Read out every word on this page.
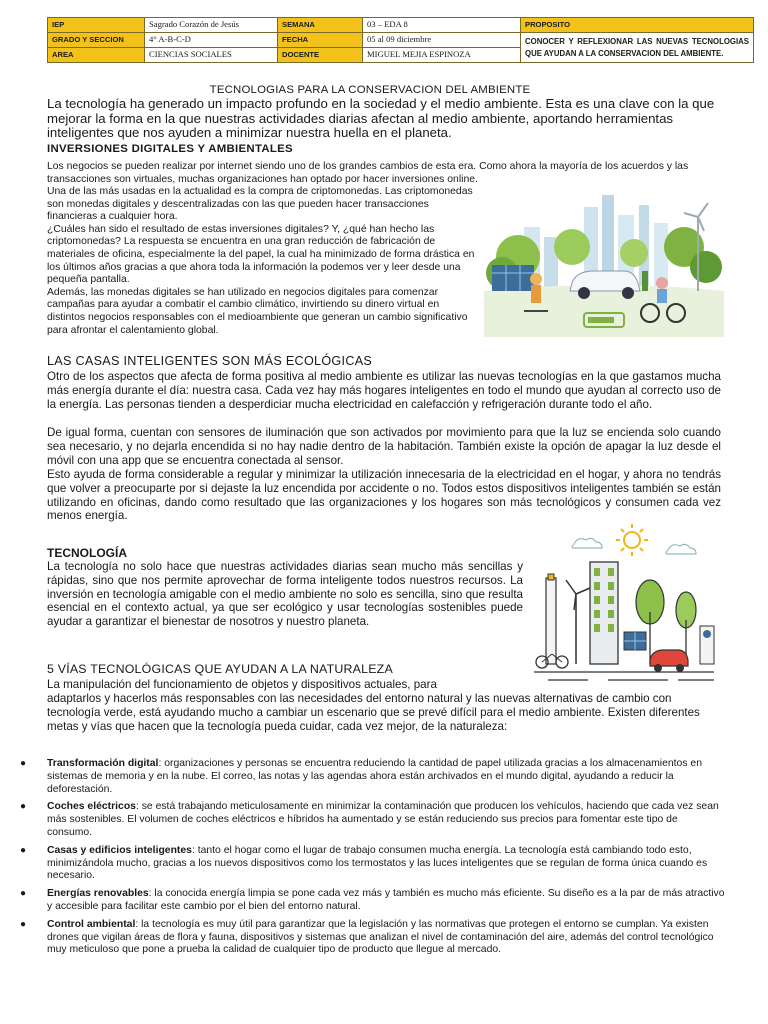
IEP	Sagrado Corazón de Jesús	SEMANA	03 – EDA 8	PROPOSITO
GRADO Y SECCION	4° A-B-C-D	FECHA	05 al 09 diciembre	CONOCER Y REFLEXIONAR LAS NUEVAS TECNOLOGIAS QUE AYUDAN A LA CONSERVACION DEL AMBIENTE.
AREA	CIENCIAS SOCIALES	DOCENTE	MIGUEL MEJIA ESPINOZA	

TECNOLOGIAS PARA LA CONSERVACION DEL AMBIENTE

La tecnología ha generado un impacto profundo en la sociedad y el medio ambiente. Esta es una clave con la que mejorar la forma en la que nuestras actividades diarias afectan al medio ambiente, aportando herramientas inteligentes que nos ayuden a minimizar nuestra huella en el planeta.

INVERSIONES DIGITALES Y AMBIENTALES

Los negocios se pueden realizar por internet siendo uno de los grandes cambios de esta era. Como ahora la mayoría de los acuerdos y las transacciones son virtuales, muchas organizaciones han optado por hacer inversiones online.

Una de las más usadas en la actualidad es la compra de criptomonedas. Las criptomonedas son monedas digitales y descentralizadas con las que pueden hacer transacciones financieras a cualquier hora.
¿Cuáles han sido el resultado de estas inversiones digitales? Y, ¿qué han hecho las criptomonedas? La respuesta se encuentra en una gran reducción de fabricación de materiales de oficina, especialmente la del papel, la cual ha minimizado de forma drástica en los últimos años gracias a que ahora toda la información la podemos ver y leer desde una pequeña pantalla.
Además, las monedas digitales se han utilizado en negocios digitales para comenzar campañas para ayudar a combatir el cambio climático, invirtiendo su dinero virtual en distintos negocios responsables con el medioambiente que generan un cambio significativo para afrontar el calentamiento global.

LAS CASAS INTELIGENTES SON MÁS ECOLÓGICAS

Otro de los aspectos que afecta de forma positiva al medio ambiente es utilizar las nuevas tecnologías en la que gastamos mucha más energía durante el día: nuestra casa. Cada vez hay más hogares inteligentes en todo el mundo que ayudan al correcto uso de la energía. Las personas tienden a desperdiciar mucha electricidad en calefacción y refrigeración durante todo el año.

De igual forma, cuentan con sensores de iluminación que son activados por movimiento para que la luz se encienda solo cuando sea necesario, y no dejarla encendida si no hay nadie dentro de la habitación. También existe la opción de apagar la luz desde el móvil con una app que se encuentra conectada al sensor.

Esto ayuda de forma considerable a regular y minimizar la utilización innecesaria de la electricidad en el hogar, y ahora no tendrás que volver a preocuparte por si dejaste la luz encendida por accidente o no. Todos estos dispositivos inteligentes también se están utilizando en oficinas, dando como resultado que las organizaciones y los hogares son más tecnológicos y consumen cada vez menos energía.

TECNOLOGÍA

La tecnología no solo hace que nuestras actividades diarias sean mucho más sencillas y rápidas, sino que nos permite aprovechar de forma inteligente todos nuestros recursos. La inversión en tecnología amigable con el medio ambiente no solo es sencilla, sino que resulta esencial en el contexto actual, ya que ser ecológico y usar tecnologías sostenibles puede ayudar a garantizar el bienestar de nosotros y nuestro planeta.

5 VÍAS TECNOLÓGICAS QUE AYUDAN A LA NATURALEZA

La manipulación del funcionamiento de objetos y dispositivos actuales, para

adaptarlos y hacerlos más responsables con las necesidades del entorno natural y las nuevas alternativas de cambio con tecnología verde, está ayudando mucho a cambiar un escenario que se prevé difícil para el medio ambiente. Existen diferentes metas y vías que hacen que la tecnología pueda cuidar, cada vez mejor, de la naturaleza:

● Transformación digital: organizaciones y personas se encuentra reduciendo la cantidad de papel utilizada gracias a los almacenamientos en sistemas de memoria y en la nube. El correo, las notas y las agendas ahora están archivados en el mundo digital, ayudando a reducir la deforestación.
● Coches eléctricos: se está trabajando meticulosamente en minimizar la contaminación que producen los vehículos, haciendo que cada vez sean más sostenibles. El volumen de coches eléctricos e híbridos ha aumentado y se están reduciendo sus precios para fomentar este tipo de consumo.
● Casas y edificios inteligentes: tanto el hogar como el lugar de trabajo consumen mucha energía. La tecnología está cambiando todo esto, minimizándola mucho, gracias a los nuevos dispositivos como los termostatos y las luces inteligentes que se regulan de forma única cuando es necesario.
● Energías renovables: la conocida energía limpia se pone cada vez más y también es mucho más eficiente. Su diseño es a la par de más atractivo y accesible para facilitar este cambio por el bien del entorno natural.
● Control ambiental: la tecnología es muy útil para garantizar que la legislación y las normativas que protegen el entorno se cumplan. Ya existen drones que vigilan áreas de flora y fauna, dispositivos y sistemas que analizan el nivel de contaminación del aire, además del control tecnológico muy meticuloso que pone a prueba la calidad de cualquier tipo de producto que llegue al mercado.
